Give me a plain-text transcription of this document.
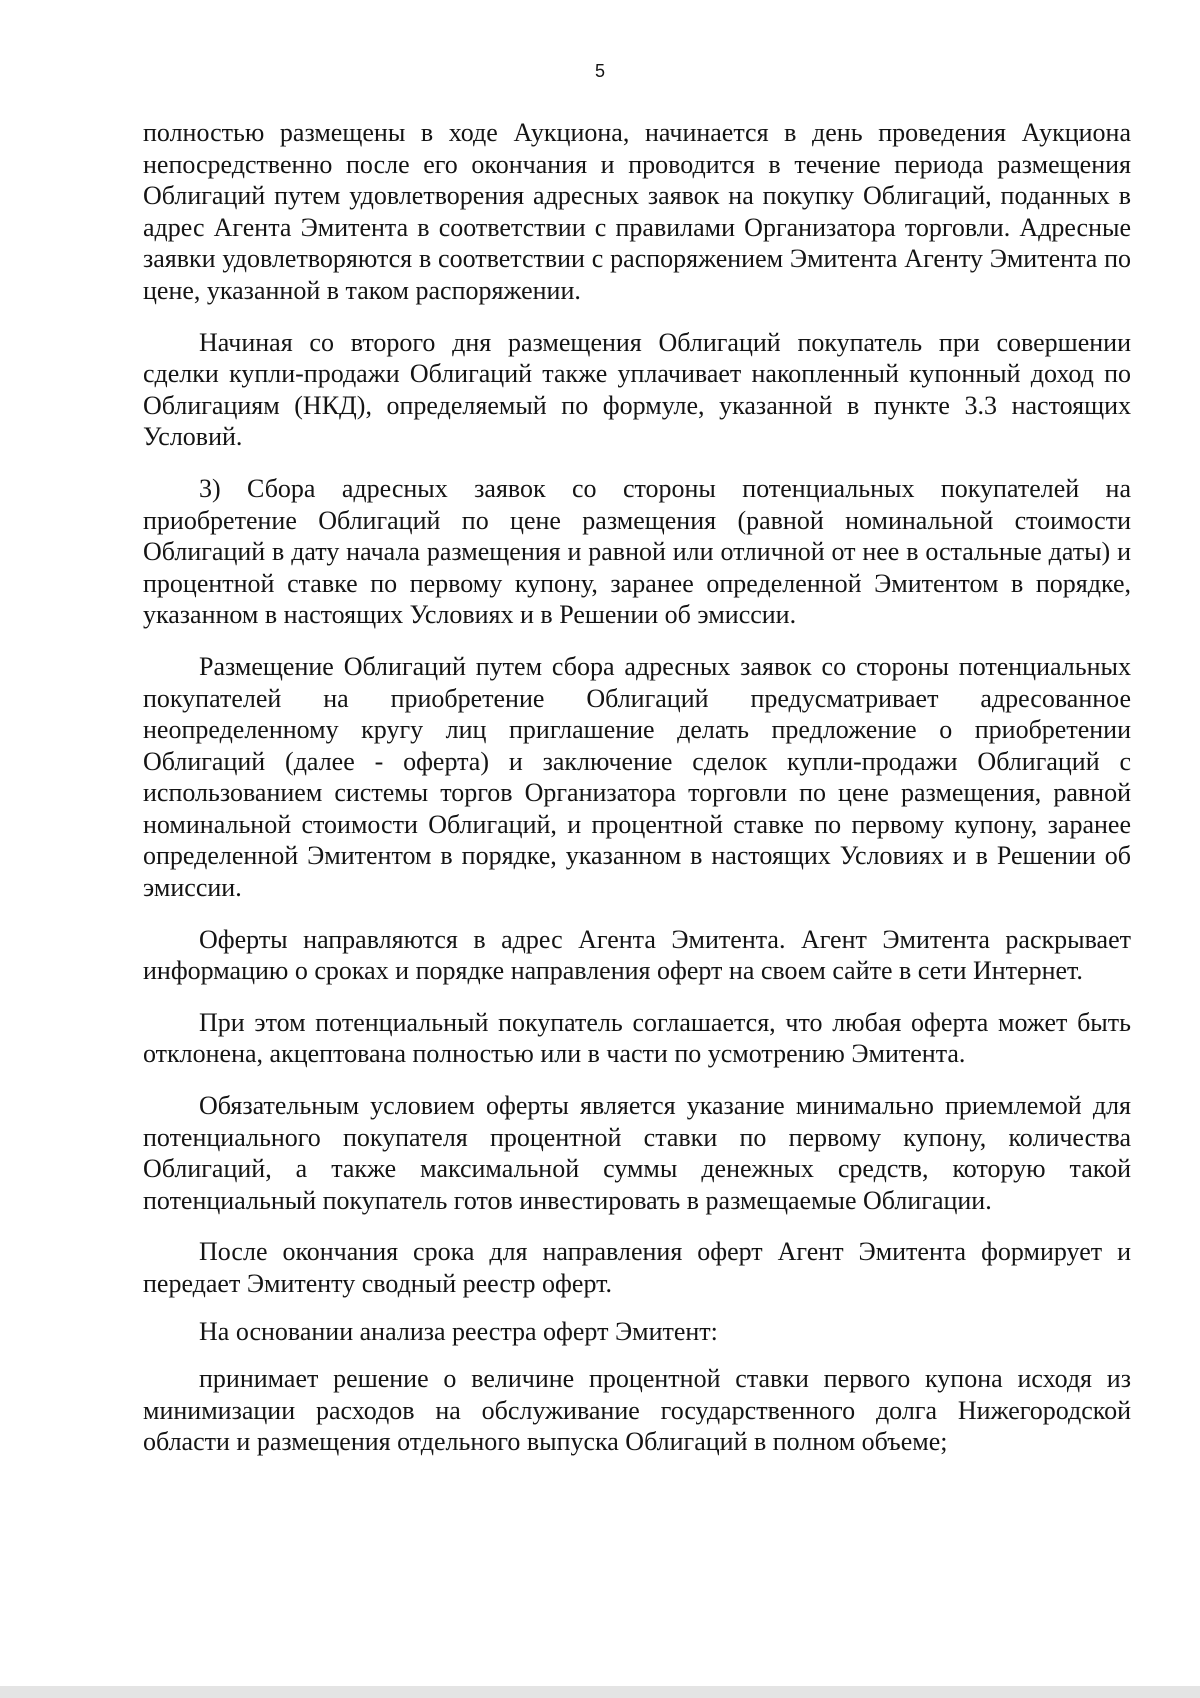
5

полностью размещены в ходе Аукциона, начинается в день проведения Аукциона непосредственно после его окончания и проводится в течение периода размещения Облигаций путем удовлетворения адресных заявок на покупку Облигаций, поданных в адрес Агента Эмитента в соответствии с правилами Организатора торговли. Адресные заявки удовлетворяются в соответствии с распоряжением Эмитента Агенту Эмитента по цене, указанной в таком распоряжении.

Начиная со второго дня размещения Облигаций покупатель при совершении сделки купли-продажи Облигаций также уплачивает накопленный купонный доход по Облигациям (НКД), определяемый по формуле, указанной в пункте 3.3 настоящих Условий.

3) Сбора адресных заявок со стороны потенциальных покупателей на приобретение Облигаций по цене размещения (равной номинальной стоимости Облигаций в дату начала размещения и равной или отличной от нее в остальные даты) и процентной ставке по первому купону, заранее определенной Эмитентом в порядке, указанном в настоящих Условиях и в Решении об эмиссии.

Размещение Облигаций путем сбора адресных заявок со стороны потенциальных покупателей на приобретение Облигаций предусматривает адресованное неопределенному кругу лиц приглашение делать предложение о приобретении Облигаций (далее - оферта) и заключение сделок купли-продажи Облигаций с использованием системы торгов Организатора торговли по цене размещения, равной номинальной стоимости Облигаций, и процентной ставке по первому купону, заранее определенной Эмитентом в порядке, указанном в настоящих Условиях и в Решении об эмиссии.

Оферты направляются в адрес Агента Эмитента. Агент Эмитента раскрывает информацию о сроках и порядке направления оферт на своем сайте в сети Интернет.

При этом потенциальный покупатель соглашается, что любая оферта может быть отклонена, акцептована полностью или в части по усмотрению Эмитента.

Обязательным условием оферты является указание минимально приемлемой для потенциального покупателя процентной ставки по первому купону, количества Облигаций, а также максимальной суммы денежных средств, которую такой потенциальный покупатель готов инвестировать в размещаемые Облигации.

После окончания срока для направления оферт Агент Эмитента формирует и передает Эмитенту сводный реестр оферт.

На основании анализа реестра оферт Эмитент:

принимает решение о величине процентной ставки первого купона исходя из минимизации расходов на обслуживание государственного долга Нижегородской области и размещения отдельного выпуска Облигаций в полном объеме;
